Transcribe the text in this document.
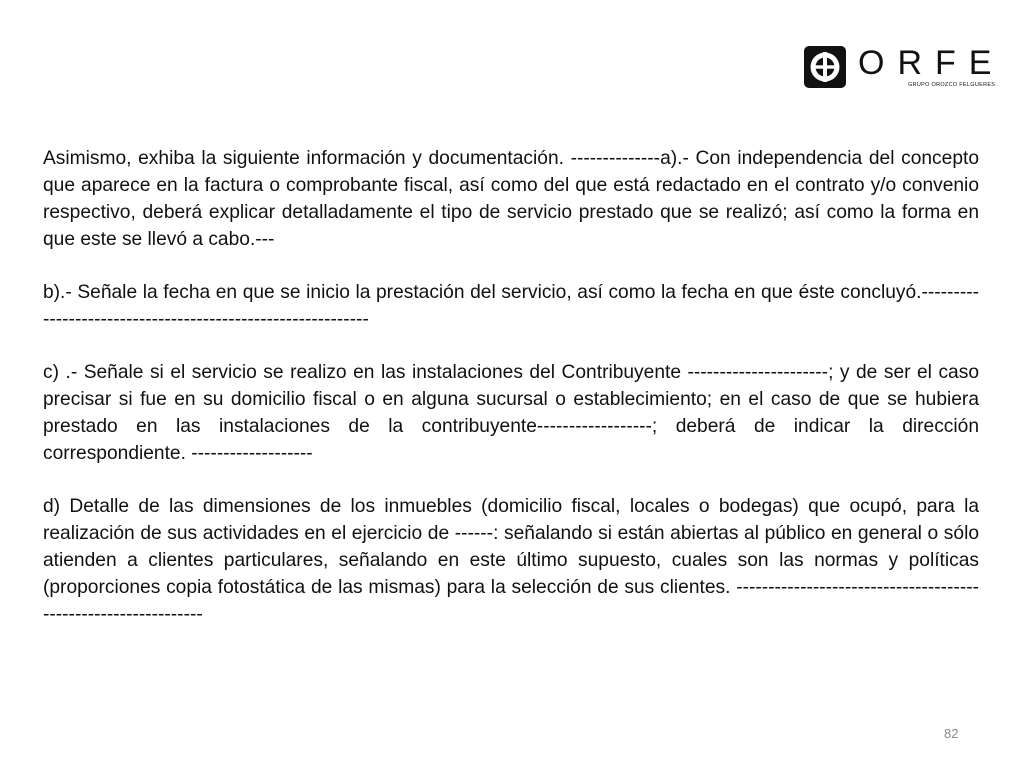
ORFE
GRUPO OROZCO FELGUERES

Asimismo, exhiba la siguiente información y documentación. --------------a).- Con independencia del concepto que aparece en la factura o comprobante fiscal, así como del que está redactado en el contrato y/o convenio respectivo, deberá explicar detalladamente el tipo de servicio prestado que se realizó; así como la forma en que este se llevó a cabo.---

b).- Señale la fecha en que se inicio la prestación del servicio, así como la fecha en que éste concluyó.------------------------------------------------------------

c) .- Señale si el servicio se realizo en las instalaciones del Contribuyente ----------------------; y de ser el caso precisar si fue en su domicilio fiscal o en alguna sucursal o establecimiento; en el caso de que se hubiera prestado en las instalaciones de la contribuyente------------------; deberá de indicar la dirección correspondiente. -------------------

d) Detalle de las dimensiones de los inmuebles (domicilio fiscal, locales o bodegas) que ocupó, para la realización de sus actividades en el ejercicio de ------: señalando si están abiertas al público en general o sólo atienden a clientes particulares, señalando en este último supuesto, cuales son las normas y políticas (proporciones copia fotostática de las mismas) para la selección de sus clientes. ---------------------------------------------------------------

82
